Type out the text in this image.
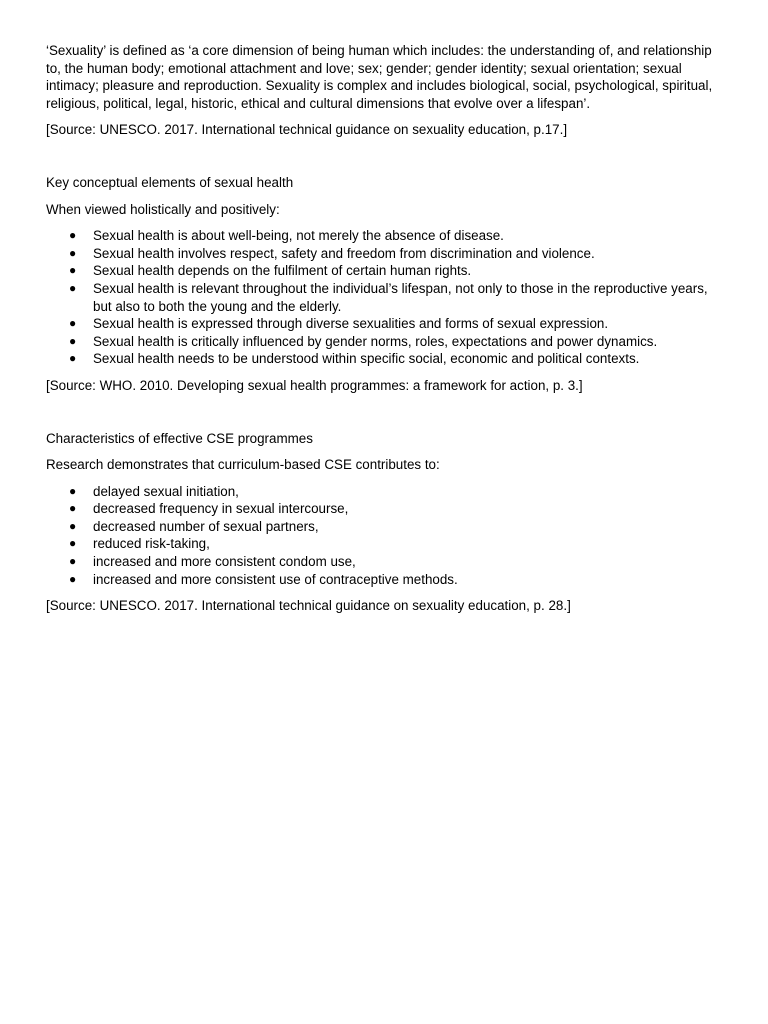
‘Sexuality’ is defined as ‘a core dimension of being human which includes: the understanding of, and relationship to, the human body; emotional attachment and love; sex; gender; gender identity; sexual orientation; sexual intimacy; pleasure and reproduction. Sexuality is complex and includes biological, social, psychological, spiritual, religious, political, legal, historic, ethical and cultural dimensions that evolve over a lifespan’.

[Source: UNESCO. 2017. International technical guidance on sexuality education, p.17.]

Key conceptual elements of sexual health

When viewed holistically and positively:

● Sexual health is about well-being, not merely the absence of disease.
● Sexual health involves respect, safety and freedom from discrimination and violence.
● Sexual health depends on the fulfilment of certain human rights.
● Sexual health is relevant throughout the individual’s lifespan, not only to those in the reproductive years, but also to both the young and the elderly.
● Sexual health is expressed through diverse sexualities and forms of sexual expression.
● Sexual health is critically influenced by gender norms, roles, expectations and power dynamics.
● Sexual health needs to be understood within specific social, economic and political contexts.

[Source: WHO. 2010. Developing sexual health programmes: a framework for action, p. 3.]

Characteristics of effective CSE programmes

Research demonstrates that curriculum-based CSE contributes to:

● delayed sexual initiation,
● decreased frequency in sexual intercourse,
● decreased number of sexual partners,
● reduced risk-taking,
● increased and more consistent condom use,
● increased and more consistent use of contraceptive methods.

[Source: UNESCO. 2017. International technical guidance on sexuality education, p. 28.]
